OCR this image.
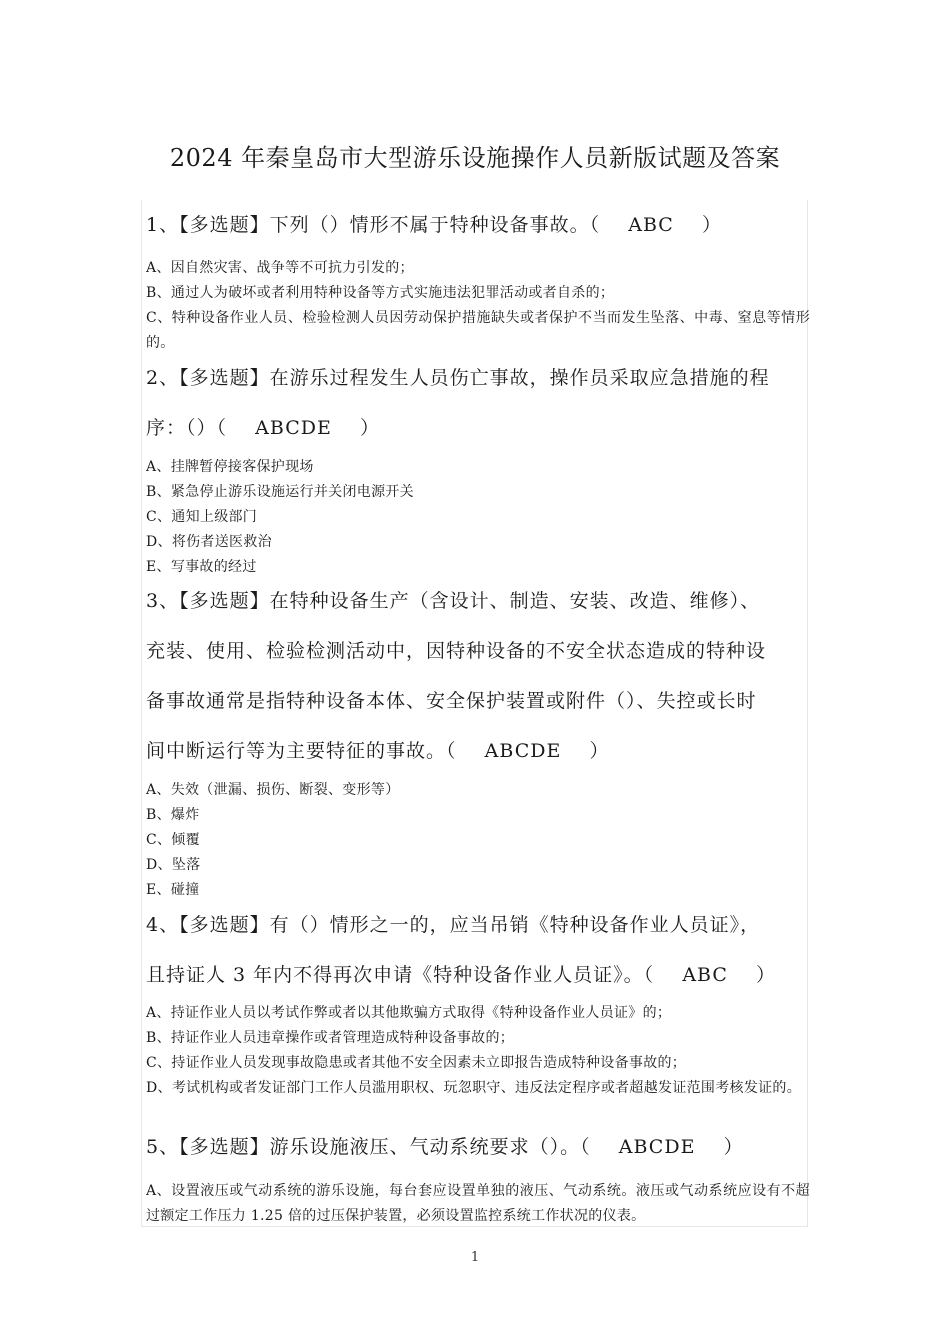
2024 年秦皇岛市大型游乐设施操作人员新版试题及答案
1、【多选题】下列（）情形不属于特种设备事故。（    ABC    ）
A、因自然灾害、战争等不可抗力引发的；
B、通过人为破坏或者利用特种设备等方式实施违法犯罪活动或者自杀的；
C、特种设备作业人员、检验检测人员因劳动保护措施缺失或者保护不当而发生坠落、中毒、窒息等情形的。
2、【多选题】在游乐过程发生人员伤亡事故，操作员采取应急措施的程
序：（）（    ABCDE    ）
A、挂牌暂停接客保护现场
B、紧急停止游乐设施运行并关闭电源开关
C、通知上级部门
D、将伤者送医救治
E、写事故的经过
3、【多选题】在特种设备生产（含设计、制造、安装、改造、维修）、
充装、使用、检验检测活动中，因特种设备的不安全状态造成的特种设
备事故通常是指特种设备本体、安全保护装置或附件（）、失控或长时
间中断运行等为主要特征的事故。（    ABCDE    ）
A、失效（泄漏、损伤、断裂、变形等）
B、爆炸
C、倾覆
D、坠落
E、碰撞
4、【多选题】有（）情形之一的，应当吊销《特种设备作业人员证》，
且持证人 3 年内不得再次申请《特种设备作业人员证》。（    ABC    ）
A、持证作业人员以考试作弊或者以其他欺骗方式取得《特种设备作业人员证》的；
B、持证作业人员违章操作或者管理造成特种设备事故的；
C、持证作业人员发现事故隐患或者其他不安全因素未立即报告造成特种设备事故的；
D、考试机构或者发证部门工作人员滥用职权、玩忽职守、违反法定程序或者超越发证范围考核发证的。
5、【多选题】游乐设施液压、气动系统要求（）。（    ABCDE    ）
A、设置液压或气动系统的游乐设施，每台套应设置单独的液压、气动系统。液压或气动系统应设有不超过额定工作压力 1.25 倍的过压保护装置，必须设置监控系统工作状况的仪表。
1
